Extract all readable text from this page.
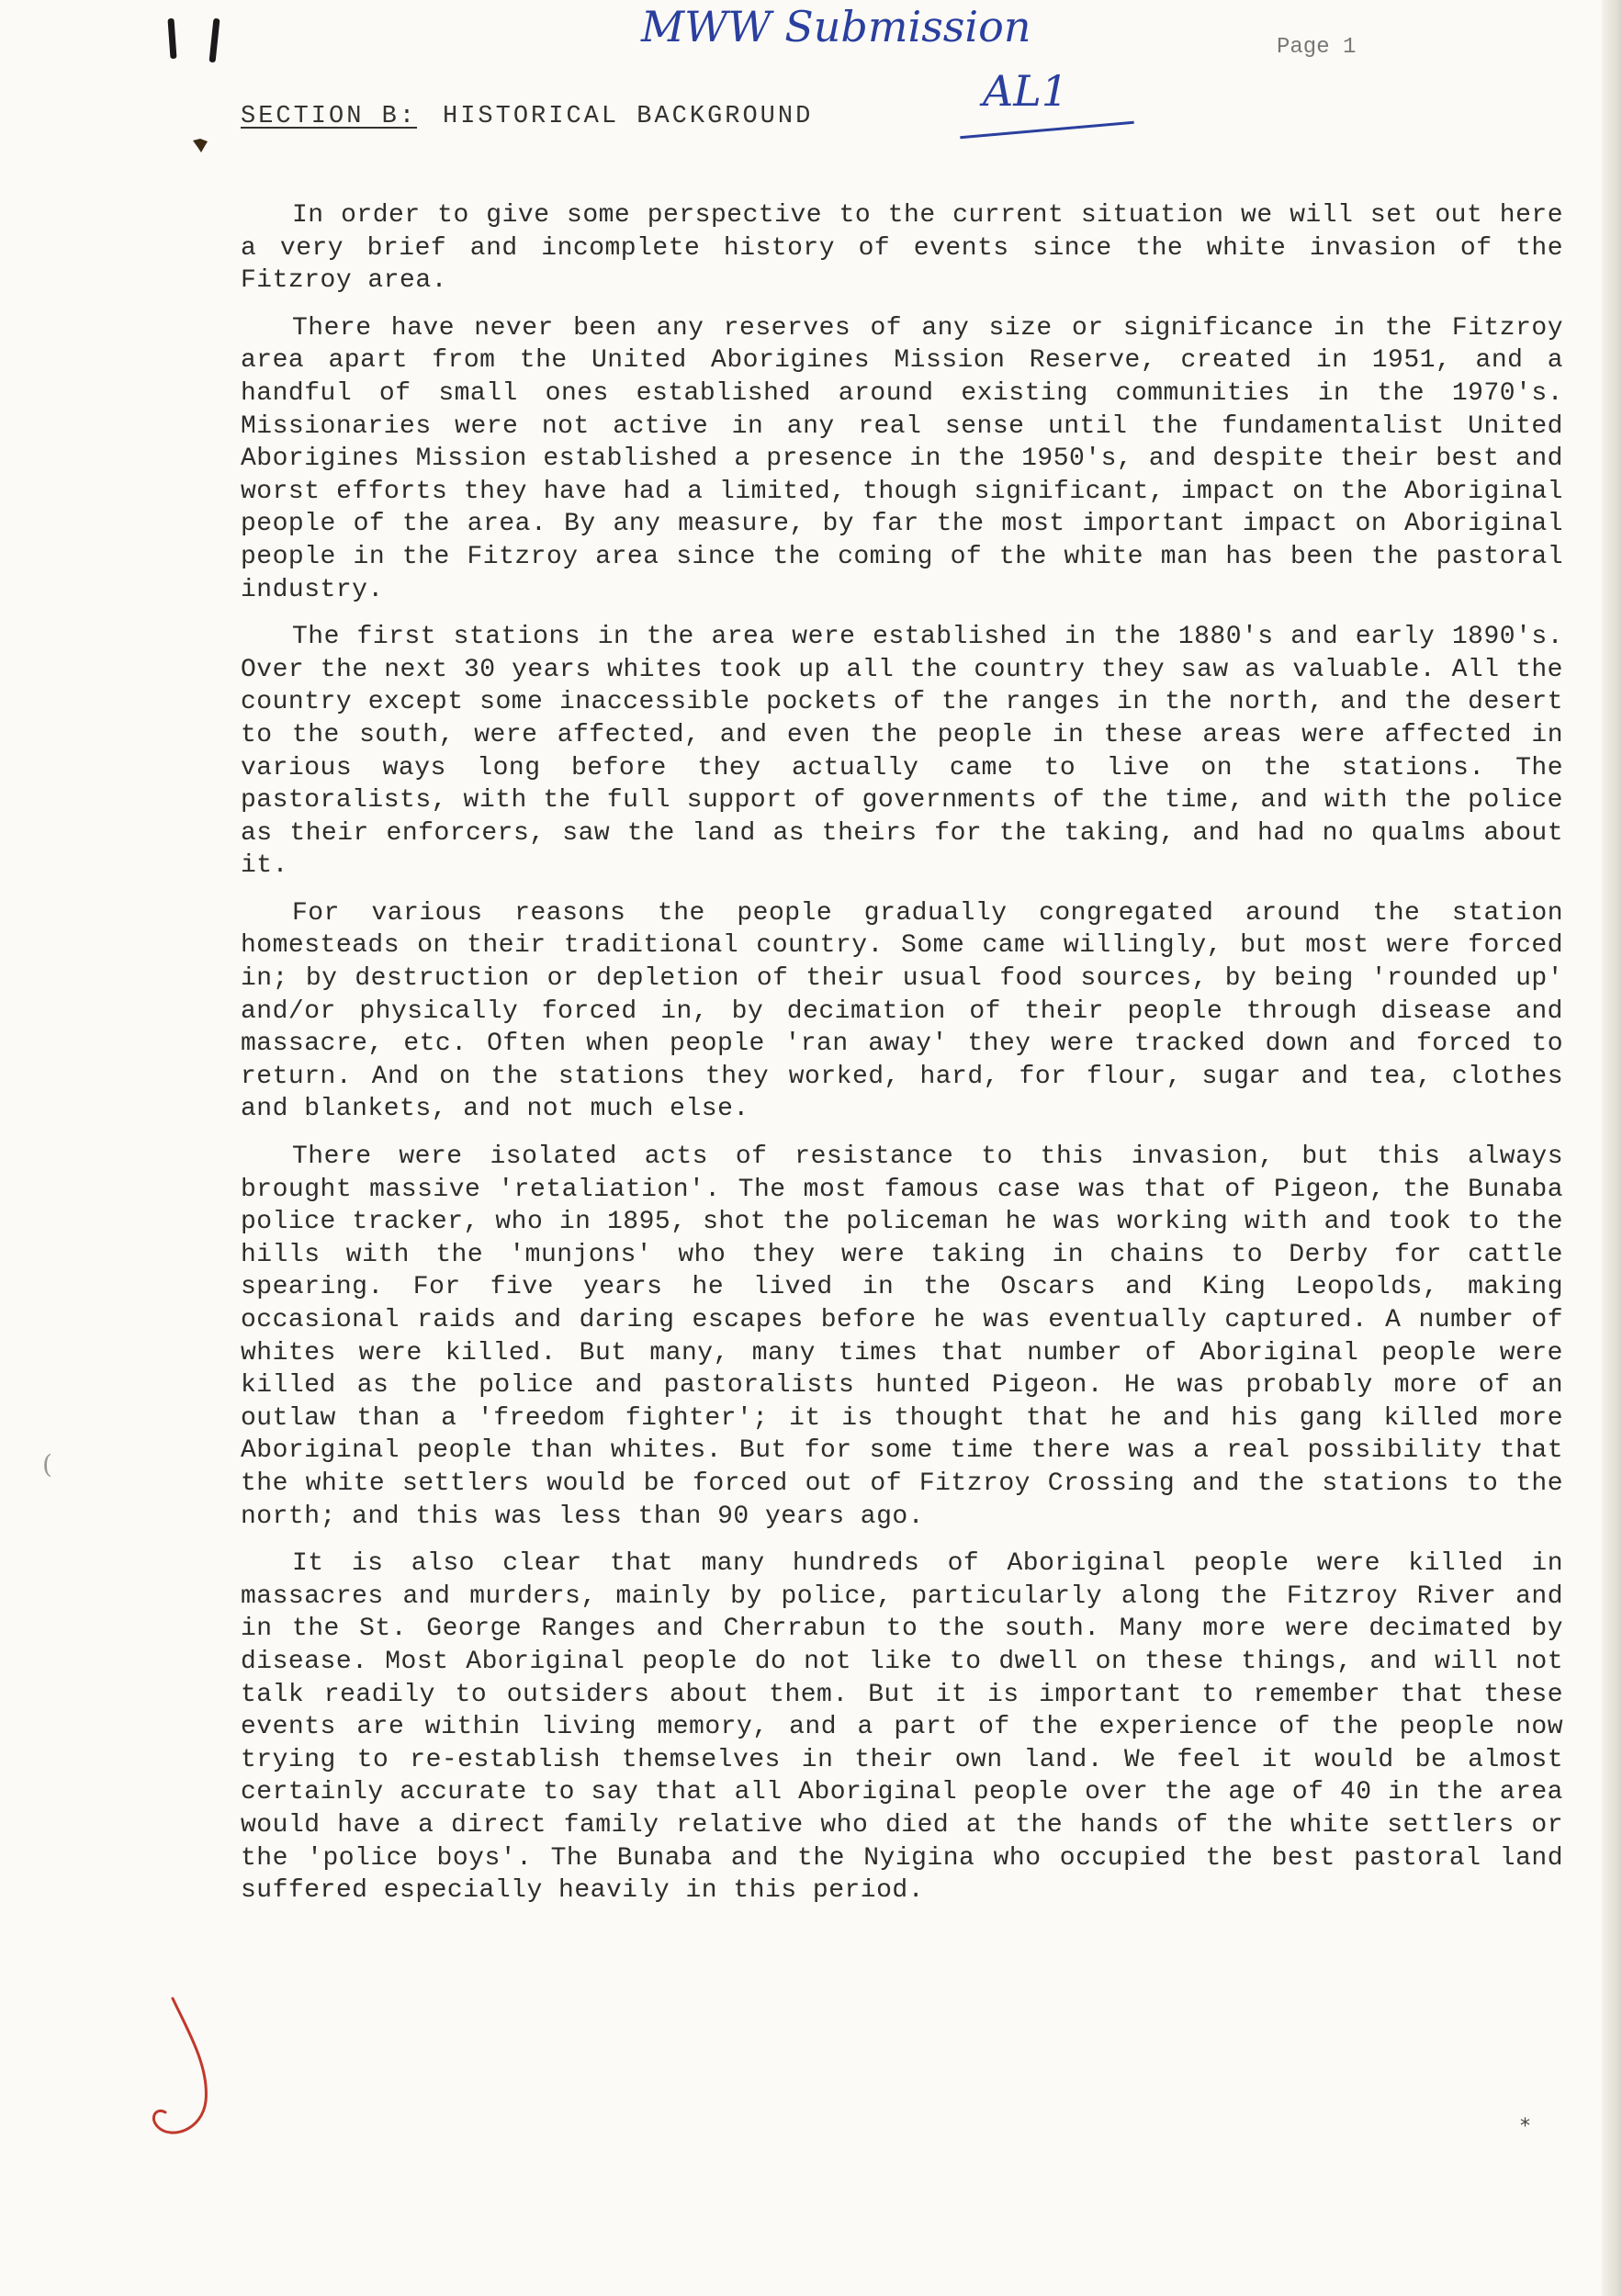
MWW Submission
AL1
Page 1
SECTION B: HISTORICAL BACKGROUND

In order to give some perspective to the current situation we will set out here a very brief and incomplete history of events since the white invasion of the Fitzroy area.

There have never been any reserves of any size or significance in the Fitzroy area apart from the United Aborigines Mission Reserve, created in 1951, and a handful of small ones established around existing communities in the 1970's. Missionaries were not active in any real sense until the fundamentalist United Aborigines Mission established a presence in the 1950's, and despite their best and worst efforts they have had a limited, though significant, impact on the Aboriginal people of the area. By any measure, by far the most important impact on Aboriginal people in the Fitzroy area since the coming of the white man has been the pastoral industry.

The first stations in the area were established in the 1880's and early 1890's. Over the next 30 years whites took up all the country they saw as valuable. All the country except some inaccessible pockets of the ranges in the north, and the desert to the south, were affected, and even the people in these areas were affected in various ways long before they actually came to live on the stations. The pastoralists, with the full support of governments of the time, and with the police as their enforcers, saw the land as theirs for the taking, and had no qualms about it.

For various reasons the people gradually congregated around the station homesteads on their traditional country. Some came willingly, but most were forced in; by destruction or depletion of their usual food sources, by being 'rounded up' and/or physically forced in, by decimation of their people through disease and massacre, etc. Often when people 'ran away' they were tracked down and forced to return. And on the stations they worked, hard, for flour, sugar and tea, clothes and blankets, and not much else.

There were isolated acts of resistance to this invasion, but this always brought massive 'retaliation'. The most famous case was that of Pigeon, the Bunaba police tracker, who in 1895, shot the policeman he was working with and took to the hills with the 'munjons' who they were taking in chains to Derby for cattle spearing. For five years he lived in the Oscars and King Leopolds, making occasional raids and daring escapes before he was eventually captured. A number of whites were killed. But many, many times that number of Aboriginal people were killed as the police and pastoralists hunted Pigeon. He was probably more of an outlaw than a 'freedom fighter'; it is thought that he and his gang killed more Aboriginal people than whites. But for some time there was a real possibility that the white settlers would be forced out of Fitzroy Crossing and the stations to the north; and this was less than 90 years ago.

It is also clear that many hundreds of Aboriginal people were killed in massacres and murders, mainly by police, particularly along the Fitzroy River and in the St. George Ranges and Cherrabun to the south. Many more were decimated by disease. Most Aboriginal people do not like to dwell on these things, and will not talk readily to outsiders about them. But it is important to remember that these events are within living memory, and a part of the experience of the people now trying to re-establish themselves in their own land. We feel it would be almost certainly accurate to say that all Aboriginal people over the age of 40 in the area would have a direct family relative who died at the hands of the white settlers or the 'police boys'. The Bunaba and the Nyigina who occupied the best pastoral land suffered especially heavily in this period.

(
*
